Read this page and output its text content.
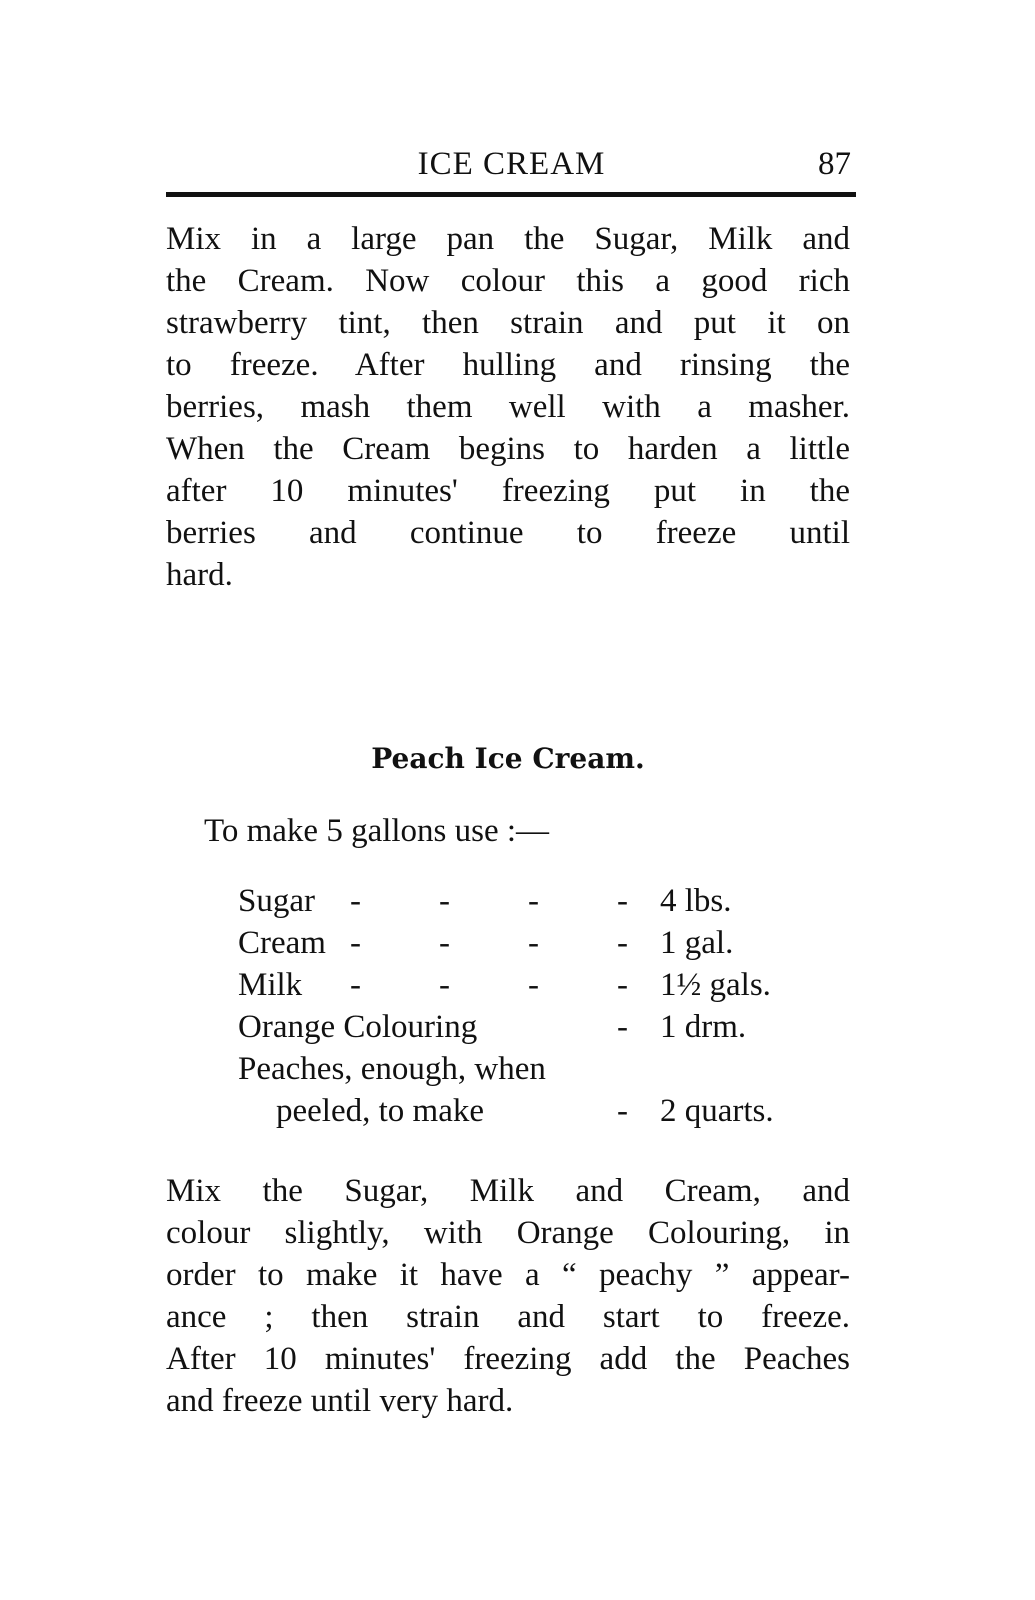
ICE CREAM	87

Mix in a large pan the Sugar, Milk and
the Cream. Now colour this a good rich
strawberry tint, then strain and put it on
to freeze. After hulling and rinsing the
berries, mash them well with a masher.
When the Cream begins to harden a little
after 10 minutes' freezing put in the
berries and continue to freeze until
hard.

Peach Ice Cream.

To make 5 gallons use :—

Sugar - - - - 4 lbs.
Cream - - - - 1 gal.
Milk - - - - 1½ gals.
Orange Colouring	- 1 drm.
Peaches, enough, when
peeled, to make	- 2 quarts.

Mix the Sugar, Milk and Cream, and
colour slightly, with Orange Colouring, in
order to make it have a “ peachy ” appear-
ance ; then strain and start to freeze.
After 10 minutes' freezing add the Peaches
and freeze until very hard.
